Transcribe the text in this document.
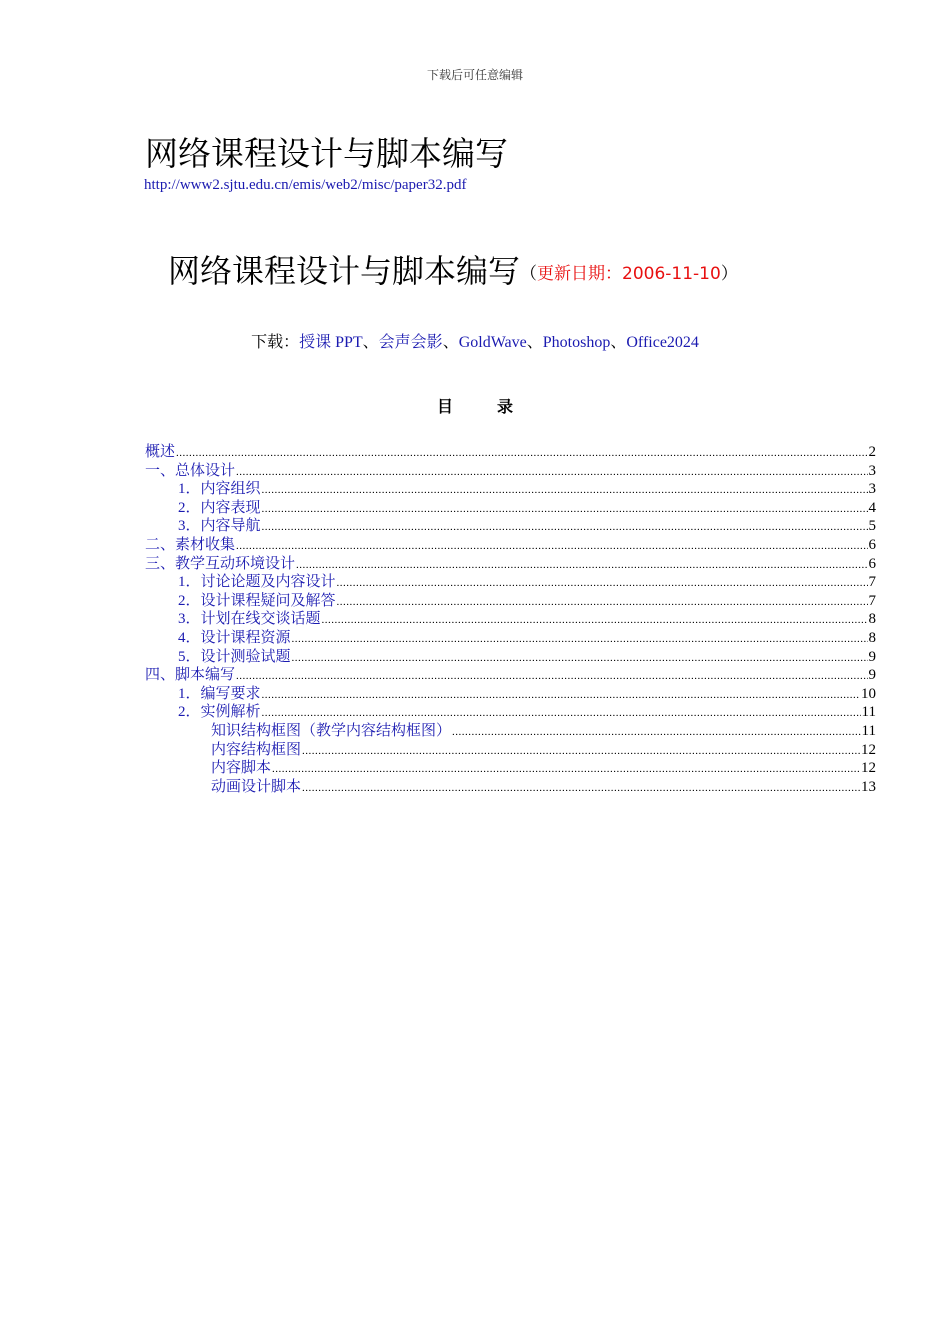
下载后可任意编辑
网络课程设计与脚本编写
http://www2.sjtu.edu.cn/emis/web2/misc/paper32.pdf
网络课程设计与脚本编写（更新日期：2006-11-10）
下载：授课 PPT、会声会影、GoldWave、Photoshop、Office2024
目	录
概述 .....	2
一、总体设计 .....	3
1．内容组织 .....	3
2．内容表现 .....	4
3．内容导航 .....	5
二、素材收集 .....	6
三、教学互动环境设计 .....	6
1．讨论论题及内容设计 .....	7
2．设计课程疑问及解答 .....	7
3．计划在线交谈话题 .....	8
4．设计课程资源 .....	8
5．设计测验试题 .....	9
四、脚本编写 .....	9
1．编写要求 .....	10
2．实例解析 .....	11
知识结构框图（教学内容结构框图） .....	11
内容结构框图 .....	12
内容脚本 .....	12
动画设计脚本 .....	13
